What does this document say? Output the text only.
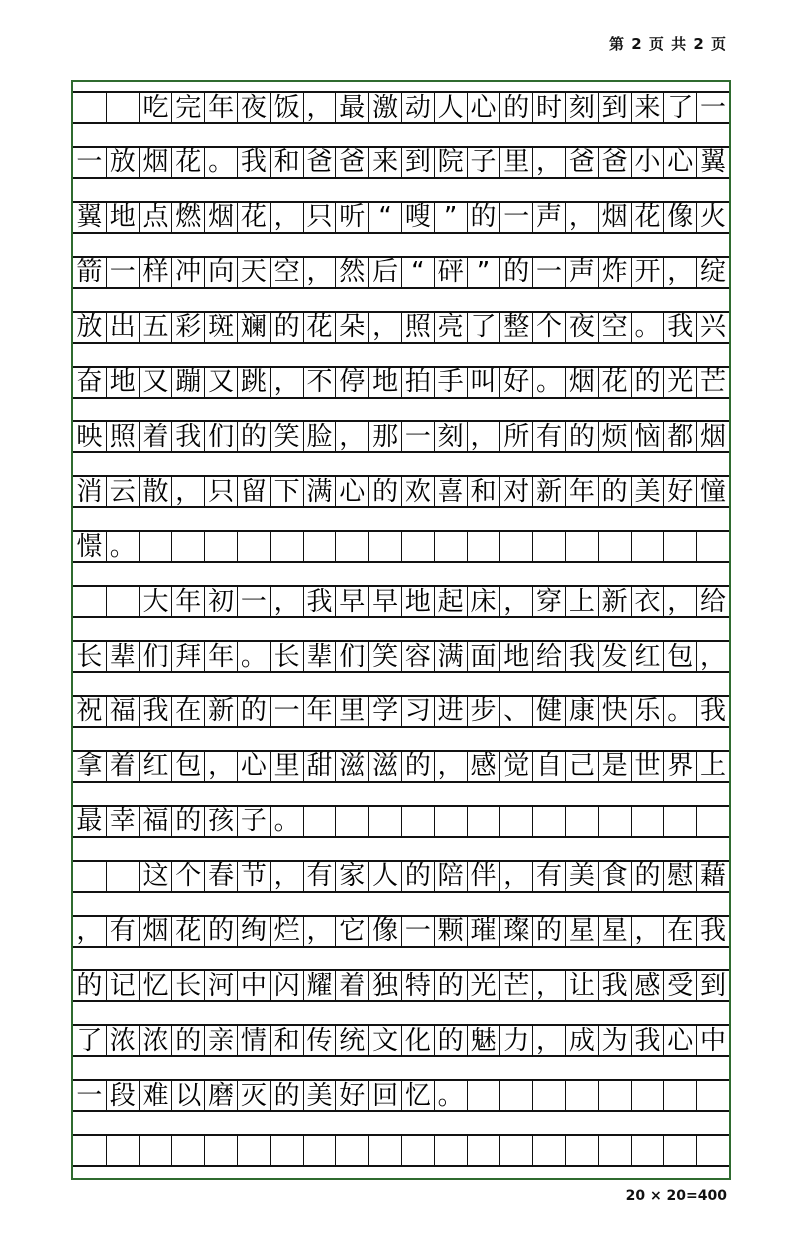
第 2 页 共 2 页

吃 完 年 夜 饭 ， 最 激 动 人 心 的 时 刻 到 来 了 一
一 放 烟 花 。 我 和 爸 爸 来 到 院 子 里 ， 爸 爸 小 心 翼
翼 地 点 燃 烟 花 ， 只 听 “ 嗖 ” 的 一 声 ， 烟 花 像 火
箭 一 样 冲 向 天 空 ， 然 后 “ 砰 ” 的 一 声 炸 开 ， 绽
放 出 五 彩 斑 斓 的 花 朵 ， 照 亮 了 整 个 夜 空 。 我 兴
奋 地 又 蹦 又 跳 ， 不 停 地 拍 手 叫 好 。 烟 花 的 光 芒
映 照 着 我 们 的 笑 脸 ， 那 一 刻 ， 所 有 的 烦 恼 都 烟
消 云 散 ， 只 留 下 满 心 的 欢 喜 和 对 新 年 的 美 好 憧
憬 。

大 年 初 一 ， 我 早 早 地 起 床 ， 穿 上 新 衣 ， 给
长 辈 们 拜 年 。 长 辈 们 笑 容 满 面 地 给 我 发 红 包 ，
祝 福 我 在 新 的 一 年 里 学 习 进 步 、 健 康 快 乐 。 我
拿 着 红 包 ， 心 里 甜 滋 滋 的 ， 感 觉 自 己 是 世 界 上
最 幸 福 的 孩 子 。

这 个 春 节 ， 有 家 人 的 陪 伴 ， 有 美 食 的 慰 藉
， 有 烟 花 的 绚 烂 ， 它 像 一 颗 璀 璨 的 星 星 ， 在 我
的 记 忆 长 河 中 闪 耀 着 独 特 的 光 芒 ， 让 我 感 受 到
了 浓 浓 的 亲 情 和 传 统 文 化 的 魅 力 ， 成 为 我 心 中
一 段 难 以 磨 灭 的 美 好 回 忆 。

20 × 20=400
